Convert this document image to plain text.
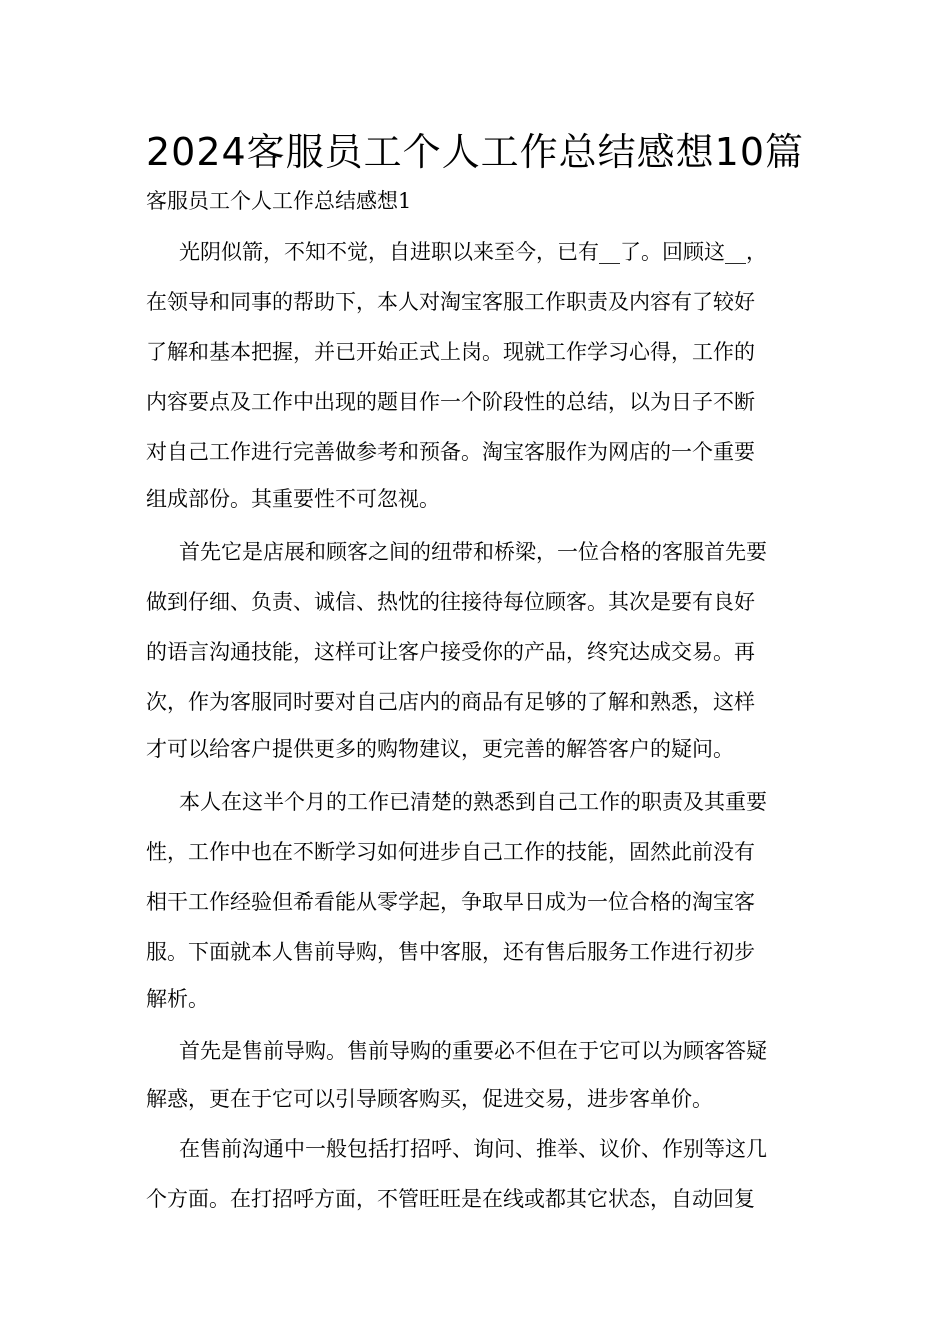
2024客服员工个人工作总结感想10篇

客服员工个人工作总结感想1

光阴似箭，不知不觉，自进职以来至今，已有__了。回顾这__，

在领导和同事的帮助下，本人对淘宝客服工作职责及内容有了较好

了解和基本把握，并已开始正式上岗。现就工作学习心得，工作的

内容要点及工作中出现的题目作一个阶段性的总结，以为日子不断

对自己工作进行完善做参考和预备。淘宝客服作为网店的一个重要

组成部份。其重要性不可忽视。

首先它是店展和顾客之间的纽带和桥梁，一位合格的客服首先要

做到仔细、负责、诚信、热忱的往接待每位顾客。其次是要有良好

的语言沟通技能，这样可让客户接受你的产品，终究达成交易。再

次，作为客服同时要对自己店内的商品有足够的了解和熟悉，这样

才可以给客户提供更多的购物建议，更完善的解答客户的疑问。

本人在这半个月的工作已清楚的熟悉到自己工作的职责及其重要

性，工作中也在不断学习如何进步自己工作的技能，固然此前没有

相干工作经验但希看能从零学起，争取早日成为一位合格的淘宝客

服。下面就本人售前导购，售中客服，还有售后服务工作进行初步

解析。

首先是售前导购。售前导购的重要必不但在于它可以为顾客答疑

解惑，更在于它可以引导顾客购买，促进交易，进步客单价。

在售前沟通中一般包括打招呼、询问、推举、议价、作别等这几

个方面。在打招呼方面，不管旺旺是在线或都其它状态，自动回复
